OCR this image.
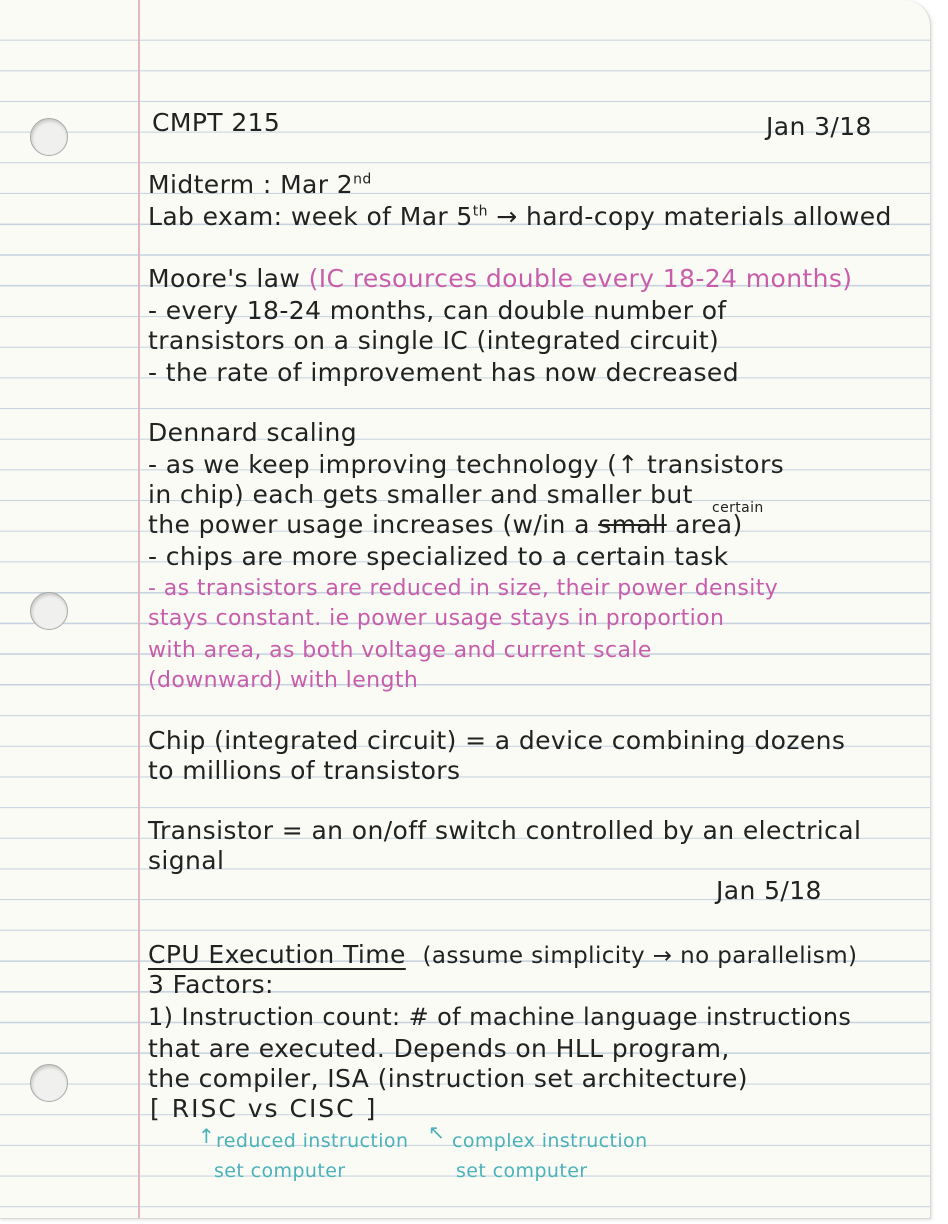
CMPT 215	Jan 3/18
Midterm : Mar 2nd
Lab exam: week of Mar 5th → hard-copy materials allowed
Moore's law (IC resources double every 18-24 months)
- every 18-24 months, can double number of
transistors on a single IC (integrated circuit)
- the rate of improvement has now decreased
Dennard scaling
- as we keep improving technology (↑ transistors
in chip) each gets smaller and smaller but certain
the power usage increases (w/in a small area)
- chips are more specialized to a certain task
- as transistors are reduced in size, their power density
stays constant. ie power usage stays in proportion
with area, as both voltage and current scale
(downward) with length
Chip (integrated circuit) = a device combining dozens
to millions of transistors
Transistor = an on/off switch controlled by an electrical
signal
Jan 5/18
CPU Execution Time (assume simplicity → no parallelism)
3 Factors:
1) Instruction count: # of machine language instructions
that are executed. Depends on HLL program,
the compiler, ISA (instruction set architecture)
[ RISC vs CISC ]
↑ reduced instruction
set computer
↖ complex instruction
set computer
